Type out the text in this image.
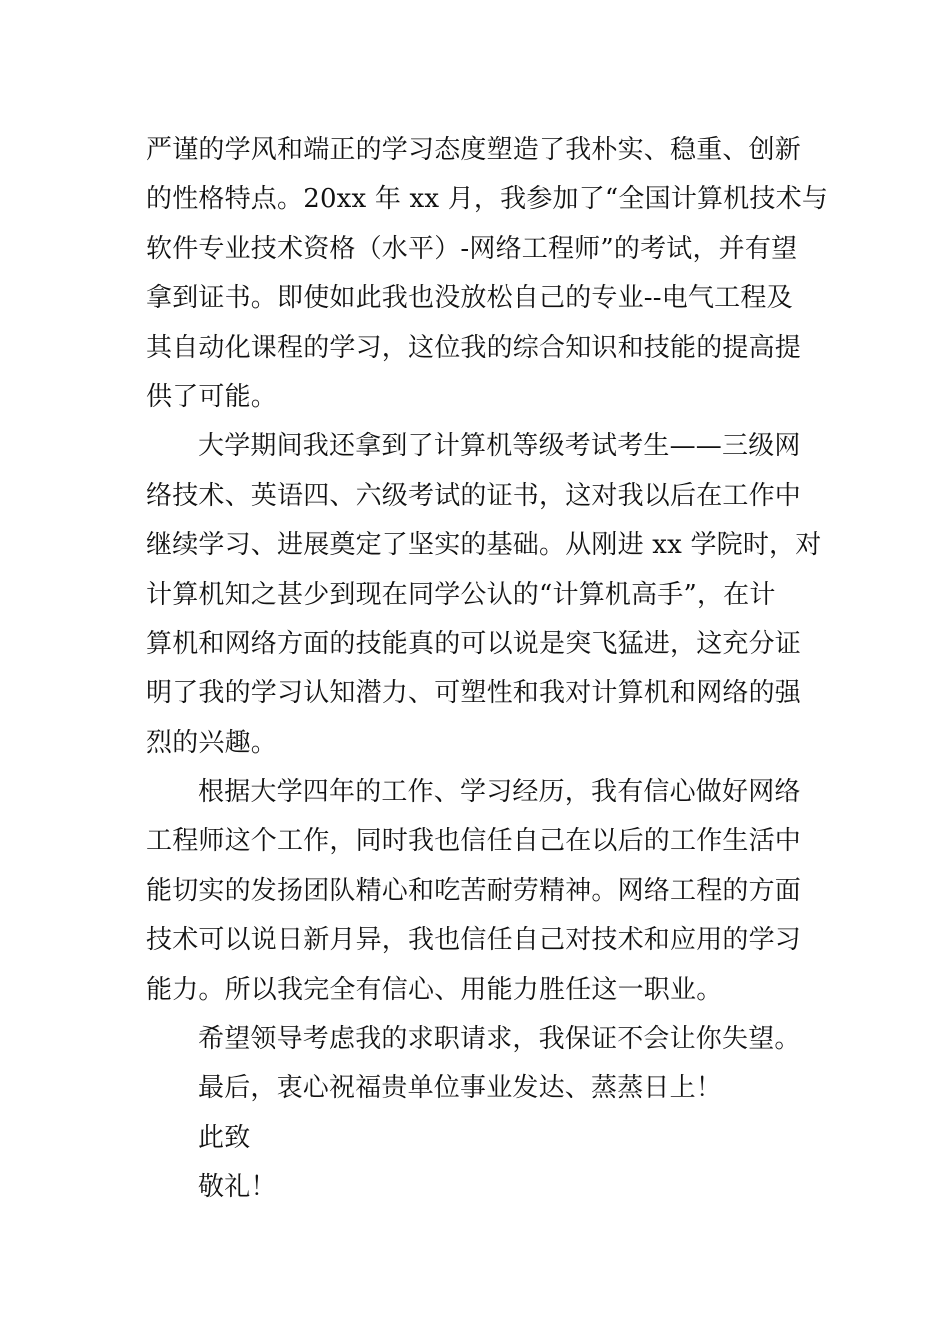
严谨的学风和端正的学习态度塑造了我朴实、稳重、创新
的性格特点。20xx 年 xx 月，我参加了“全国计算机技术与
软件专业技术资格（水平）-网络工程师”的考试，并有望
拿到证书。即使如此我也没放松自己的专业--电气工程及
其自动化课程的学习，这位我的综合知识和技能的提高提
供了可能。
大学期间我还拿到了计算机等级考试考生——三级网
络技术、英语四、六级考试的证书，这对我以后在工作中
继续学习、进展奠定了坚实的基础。从刚进 xx 学院时，对
计算机知之甚少到现在同学公认的“计算机高手”，在计
算机和网络方面的技能真的可以说是突飞猛进，这充分证
明了我的学习认知潜力、可塑性和我对计算机和网络的强
烈的兴趣。
根据大学四年的工作、学习经历，我有信心做好网络
工程师这个工作，同时我也信任自己在以后的工作生活中
能切实的发扬团队精心和吃苦耐劳精神。网络工程的方面
技术可以说日新月异，我也信任自己对技术和应用的学习
能力。所以我完全有信心、用能力胜任这一职业。
希望领导考虑我的求职请求，我保证不会让你失望。
最后，衷心祝福贵单位事业发达、蒸蒸日上！
此致
敬礼！
